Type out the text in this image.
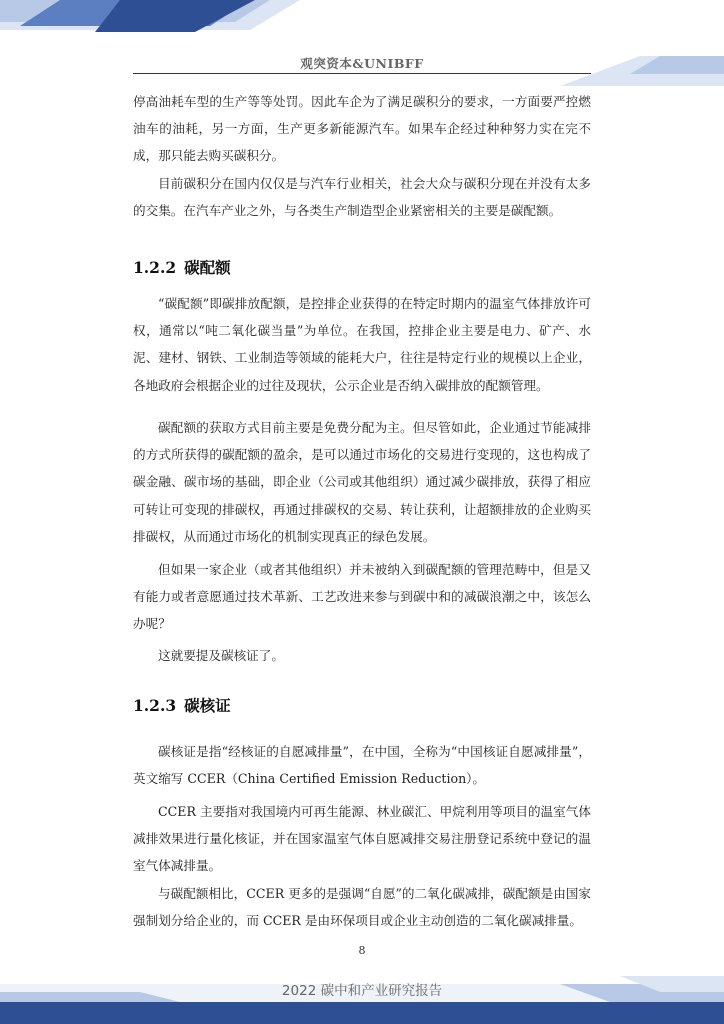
观突资本&UNIBFF

停高油耗车型的生产等等处罚。因此车企为了满足碳积分的要求，一方面要严控燃油车的油耗，另一方面，生产更多新能源汽车。如果车企经过种种努力实在完不成，那只能去购买碳积分。

目前碳积分在国内仅仅是与汽车行业相关，社会大众与碳积分现在并没有太多的交集。在汽车产业之外，与各类生产制造型企业紧密相关的主要是碳配额。

1.2.2 碳配额

“碳配额”即碳排放配额，是控排企业获得的在特定时期内的温室气体排放许可权，通常以“吨二氧化碳当量”为单位。在我国，控排企业主要是电力、矿产、水泥、建材、钢铁、工业制造等领域的能耗大户，往往是特定行业的规模以上企业，各地政府会根据企业的过往及现状，公示企业是否纳入碳排放的配额管理。

碳配额的获取方式目前主要是免费分配为主。但尽管如此，企业通过节能减排的方式所获得的碳配额的盈余，是可以通过市场化的交易进行变现的，这也构成了碳金融、碳市场的基础，即企业（公司或其他组织）通过减少碳排放，获得了相应可转让可变现的排碳权，再通过排碳权的交易、转让获利，让超额排放的企业购买排碳权，从而通过市场化的机制实现真正的绿色发展。

但如果一家企业（或者其他组织）并未被纳入到碳配额的管理范畴中，但是又有能力或者意愿通过技术革新、工艺改进来参与到碳中和的减碳浪潮之中，该怎么办呢？

这就要提及碳核证了。

1.2.3 碳核证

碳核证是指“经核证的自愿减排量”，在中国，全称为“中国核证自愿减排量”，英文缩写 CCER（China Certified Emission Reduction）。

CCER 主要指对我国境内可再生能源、林业碳汇、甲烷利用等项目的温室气体减排效果进行量化核证，并在国家温室气体自愿减排交易注册登记系统中登记的温室气体减排量。

与碳配额相比，CCER 更多的是强调“自愿”的二氧化碳减排，碳配额是由国家强制划分给企业的，而 CCER 是由环保项目或企业主动创造的二氧化碳减排量。

8
2022 碳中和产业研究报告
